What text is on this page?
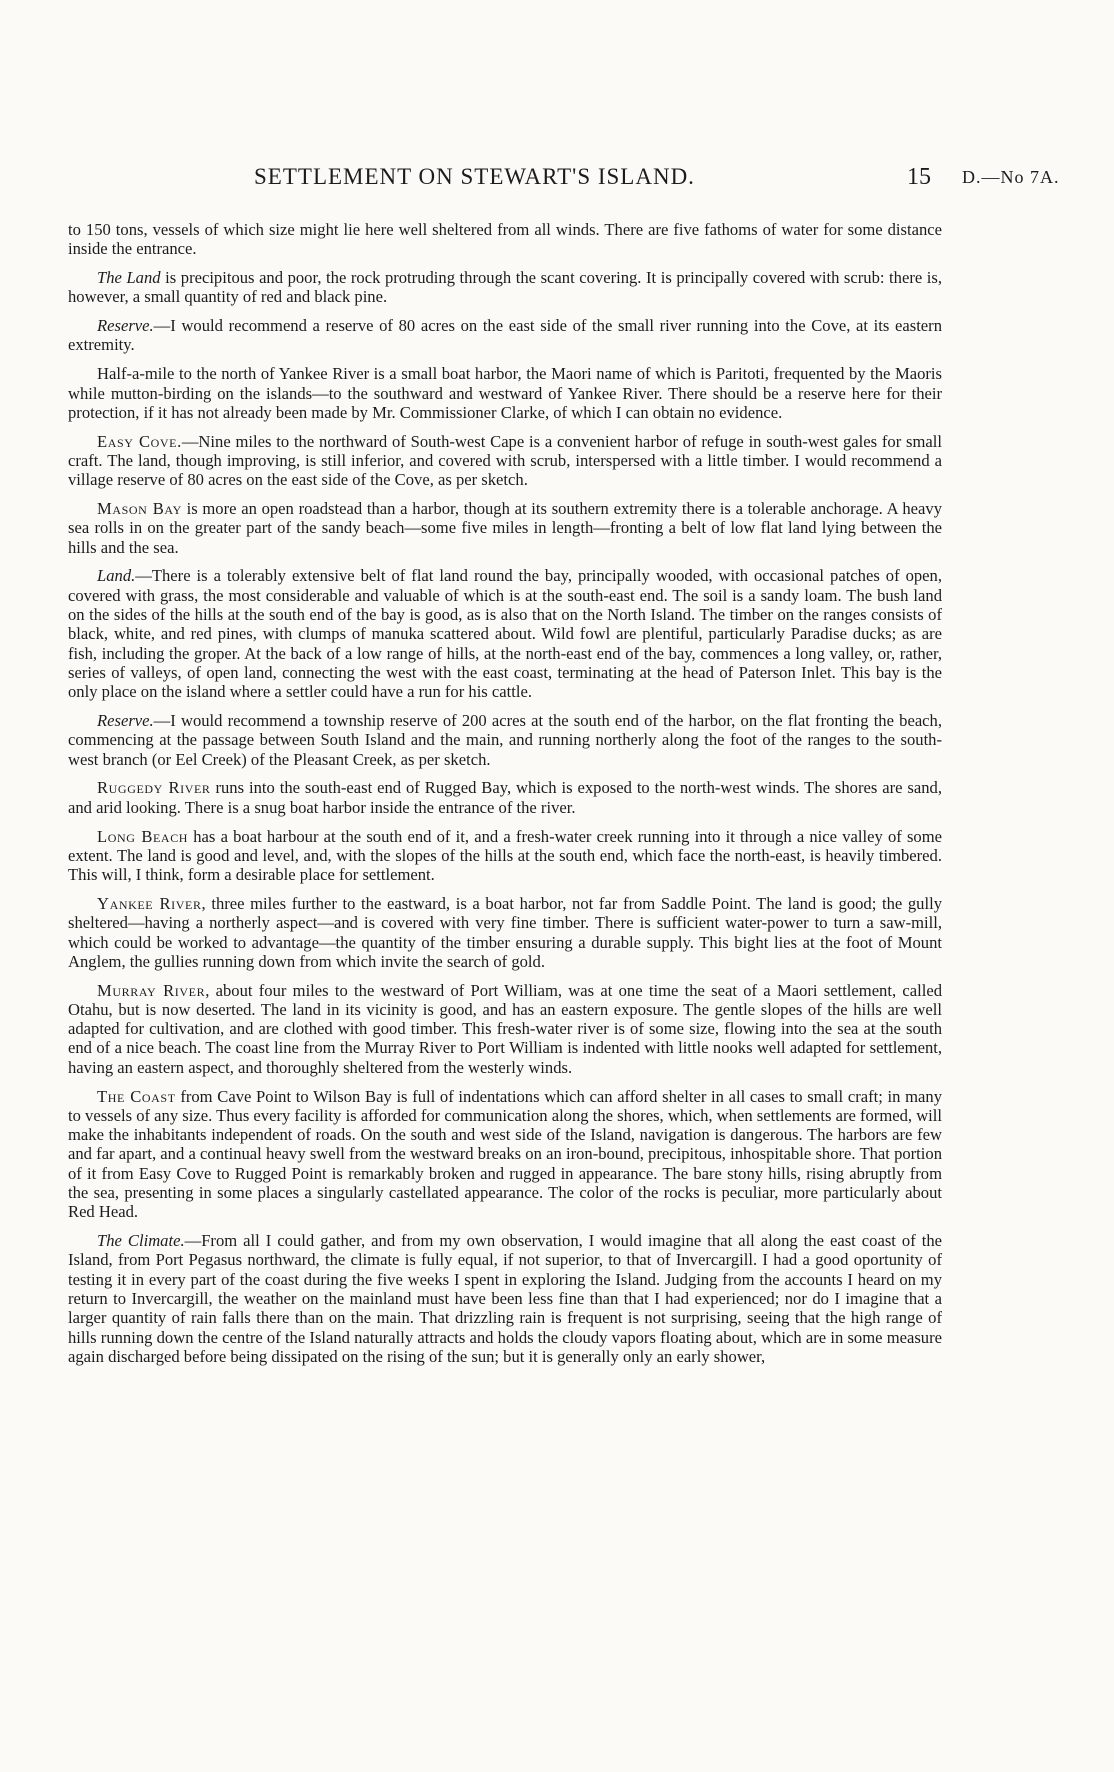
SETTLEMENT ON STEWART'S ISLAND.	15 D.—No 7A.

to 150 tons, vessels of which size might lie here well sheltered from all winds. There are five fathoms of water for some distance inside the entrance.

The Land is precipitous and poor, the rock protruding through the scant covering. It is principally covered with scrub: there is, however, a small quantity of red and black pine.

Reserve.—I would recommend a reserve of 80 acres on the east side of the small river running into the Cove, at its eastern extremity.

Half-a-mile to the north of Yankee River is a small boat harbor, the Maori name of which is Paritoti, frequented by the Maoris while mutton-birding on the islands—to the southward and westward of Yankee River. There should be a reserve here for their protection, if it has not already been made by Mr. Commissioner Clarke, of which I can obtain no evidence.

Easy Cove.—Nine miles to the northward of South-west Cape is a convenient harbor of refuge in south-west gales for small craft. The land, though improving, is still inferior, and covered with scrub, interspersed with a little timber. I would recommend a village reserve of 80 acres on the east side of the Cove, as per sketch.

Mason Bay is more an open roadstead than a harbor, though at its southern extremity there is a tolerable anchorage. A heavy sea rolls in on the greater part of the sandy beach—some five miles in length—fronting a belt of low flat land lying between the hills and the sea.

Land.—There is a tolerably extensive belt of flat land round the bay, principally wooded, with occasional patches of open, covered with grass, the most considerable and valuable of which is at the south-east end. The soil is a sandy loam. The bush land on the sides of the hills at the south end of the bay is good, as is also that on the North Island. The timber on the ranges consists of black, white, and red pines, with clumps of manuka scattered about. Wild fowl are plentiful, particularly Paradise ducks; as are fish, including the groper. At the back of a low range of hills, at the north-east end of the bay, commences a long valley, or, rather, series of valleys, of open land, connecting the west with the east coast, terminating at the head of Paterson Inlet. This bay is the only place on the island where a settler could have a run for his cattle.

Reserve.—I would recommend a township reserve of 200 acres at the south end of the harbor, on the flat fronting the beach, commencing at the passage between South Island and the main, and running northerly along the foot of the ranges to the south-west branch (or Eel Creek) of the Pleasant Creek, as per sketch.

Ruggedy River runs into the south-east end of Rugged Bay, which is exposed to the north-west winds. The shores are sand, and arid looking. There is a snug boat harbor inside the entrance of the river.

Long Beach has a boat harbour at the south end of it, and a fresh-water creek running into it through a nice valley of some extent. The land is good and level, and, with the slopes of the hills at the south end, which face the north-east, is heavily timbered. This will, I think, form a desirable place for settlement.

Yankee River, three miles further to the eastward, is a boat harbor, not far from Saddle Point. The land is good; the gully sheltered—having a northerly aspect—and is covered with very fine timber. There is sufficient water-power to turn a saw-mill, which could be worked to advantage—the quantity of the timber ensuring a durable supply. This bight lies at the foot of Mount Anglem, the gullies running down from which invite the search of gold.

Murray River, about four miles to the westward of Port William, was at one time the seat of a Maori settlement, called Otahu, but is now deserted. The land in its vicinity is good, and has an eastern exposure. The gentle slopes of the hills are well adapted for cultivation, and are clothed with good timber. This fresh-water river is of some size, flowing into the sea at the south end of a nice beach. The coast line from the Murray River to Port William is indented with little nooks well adapted for settlement, having an eastern aspect, and thoroughly sheltered from the westerly winds.

The Coast from Cave Point to Wilson Bay is full of indentations which can afford shelter in all cases to small craft; in many to vessels of any size. Thus every facility is afforded for communication along the shores, which, when settlements are formed, will make the inhabitants independent of roads. On the south and west side of the Island, navigation is dangerous. The harbors are few and far apart, and a continual heavy swell from the westward breaks on an iron-bound, precipitous, inhospitable shore. That portion of it from Easy Cove to Rugged Point is remarkably broken and rugged in appearance. The bare stony hills, rising abruptly from the sea, presenting in some places a singularly castellated appearance. The color of the rocks is peculiar, more particularly about Red Head.

The Climate.—From all I could gather, and from my own observation, I would imagine that all along the east coast of the Island, from Port Pegasus northward, the climate is fully equal, if not superior, to that of Invercargill. I had a good oportunity of testing it in every part of the coast during the five weeks I spent in exploring the Island. Judging from the accounts I heard on my return to Invercargill, the weather on the mainland must have been less fine than that I had experienced; nor do I imagine that a larger quantity of rain falls there than on the main. That drizzling rain is frequent is not surprising, seeing that the high range of hills running down the centre of the Island naturally attracts and holds the cloudy vapors floating about, which are in some measure again discharged before being dissipated on the rising of the sun; but it is generally only an early shower,
